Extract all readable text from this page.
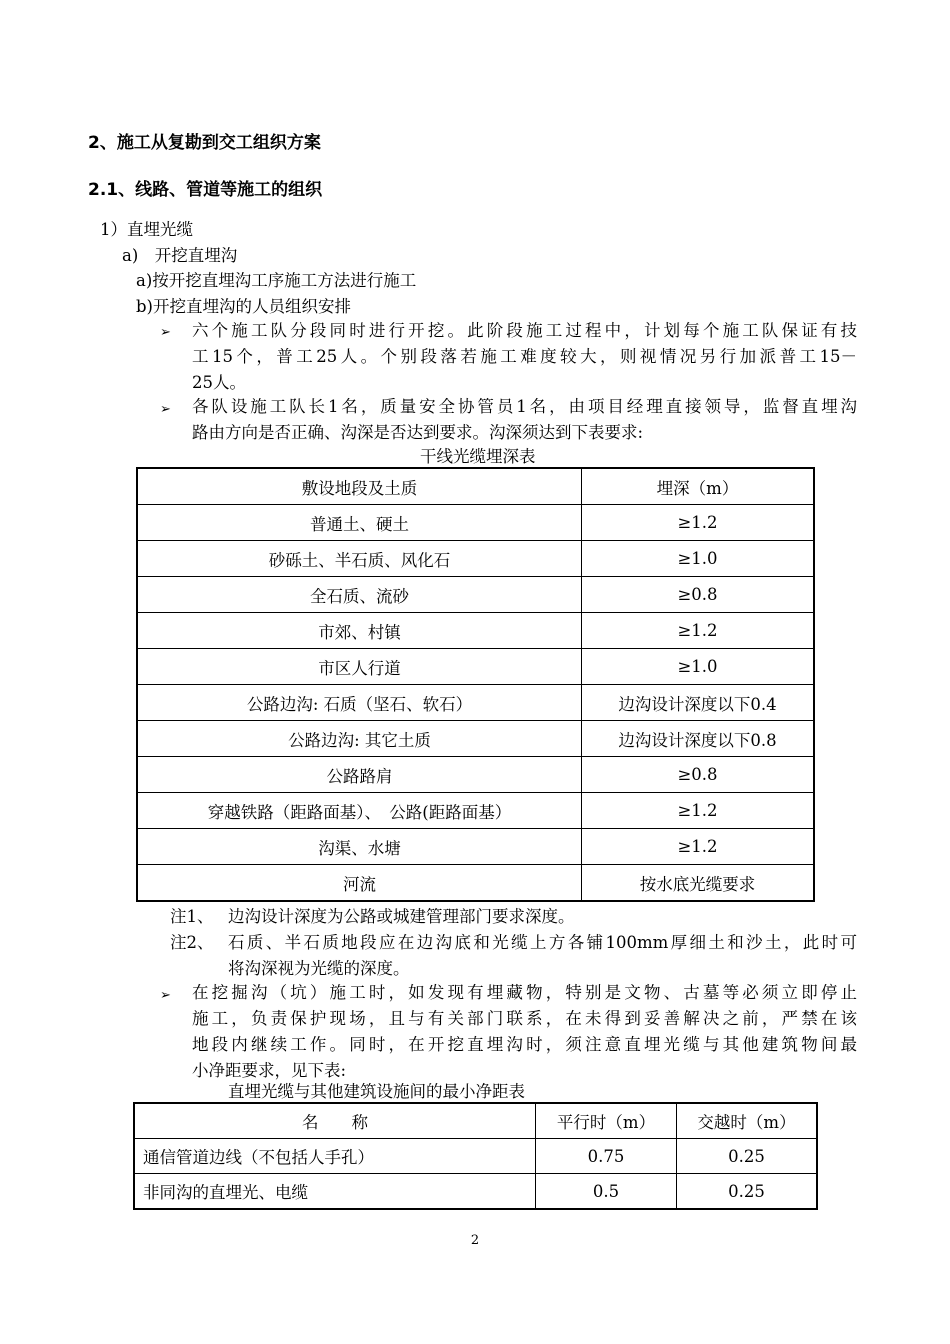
2、施工从复勘到交工组织方案
2.1、线路、管道等施工的组织
1）直埋光缆
a)　开挖直埋沟
a)按开挖直埋沟工序施工方法进行施工
b)开挖直埋沟的人员组织安排
➢ 六个施工队分段同时进行开挖。此阶段施工过程中，计划每个施工队保证有技
工15个，普工25人。个别段落若施工难度较大，则视情况另行加派普工15－
25人。
➢ 各队设施工队长1名，质量安全协管员1名，由项目经理直接领导，监督直埋沟
路由方向是否正确、沟深是否达到要求。沟深须达到下表要求:
干线光缆埋深表
敷设地段及土质	埋深（m）
普通土、硬土	≥1.2
砂砾土、半石质、风化石	≥1.0
全石质、流砂	≥0.8
市郊、村镇	≥1.2
市区人行道	≥1.0
公路边沟: 石质（坚石、软石）	边沟设计深度以下0.4
公路边沟: 其它土质	边沟设计深度以下0.8
公路路肩	≥0.8
穿越铁路（距路面基）、　公路(距路面基）	≥1.2
沟渠、水塘	≥1.2
河流	按水底光缆要求
注1、 边沟设计深度为公路或城建管理部门要求深度。
注2、 石质、半石质地段应在边沟底和光缆上方各铺100mm厚细土和沙土，此时可
将沟深视为光缆的深度。
➢ 在挖掘沟（坑）施工时，如发现有埋藏物，特别是文物、古墓等必须立即停止
施工，负责保护现场，且与有关部门联系，在未得到妥善解决之前，严禁在该
地段内继续工作。同时，在开挖直埋沟时，须注意直埋光缆与其他建筑物间最
小净距要求，见下表:
直埋光缆与其他建筑设施间的最小净距表
名　　称	平行时（m）	交越时（m）
通信管道边线（不包括人手孔）	0.75	0.25
非同沟的直埋光、电缆	0.5	0.25
2
